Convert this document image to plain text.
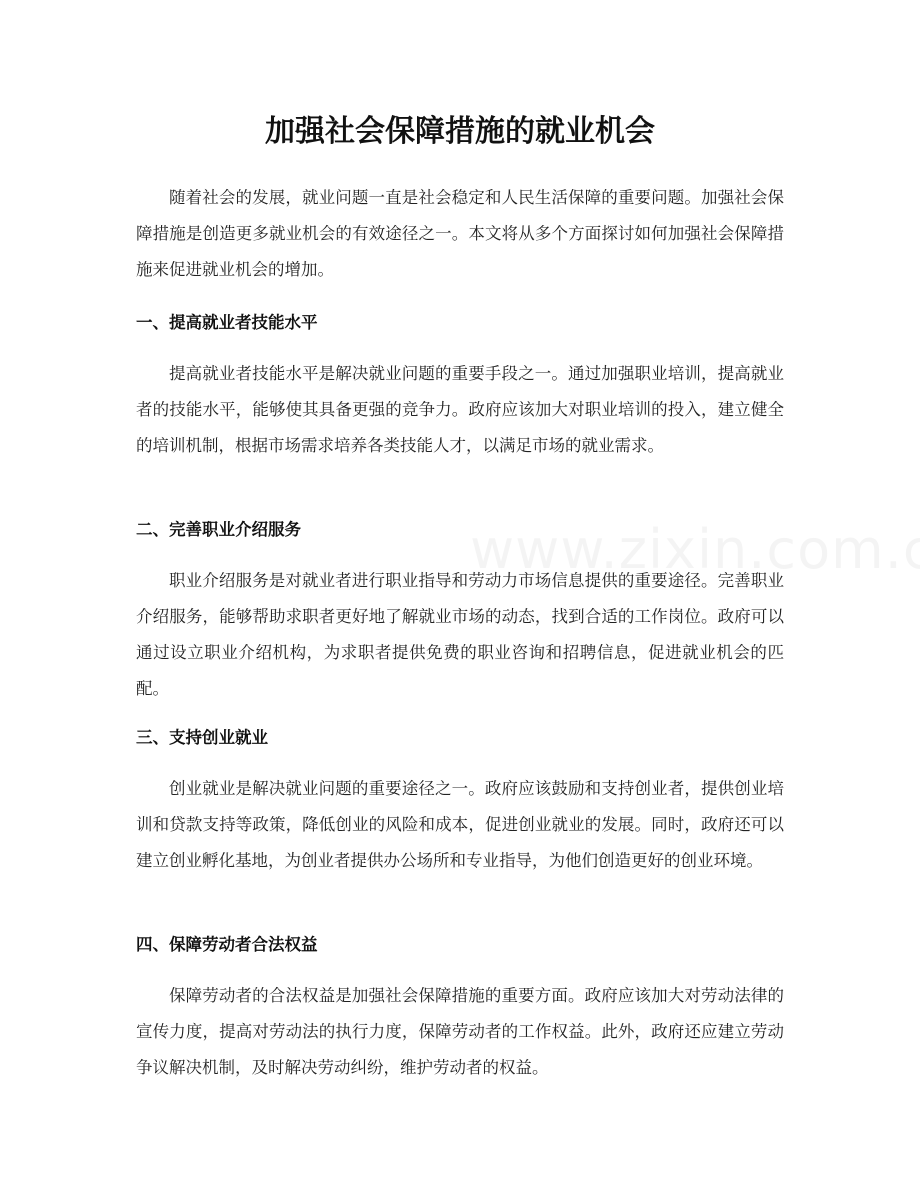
加强社会保障措施的就业机会

随着社会的发展，就业问题一直是社会稳定和人民生活保障的重要问题。加强社会保障措施是创造更多就业机会的有效途径之一。本文将从多个方面探讨如何加强社会保障措施来促进就业机会的增加。

一、提高就业者技能水平

提高就业者技能水平是解决就业问题的重要手段之一。通过加强职业培训，提高就业者的技能水平，能够使其具备更强的竞争力。政府应该加大对职业培训的投入，建立健全的培训机制，根据市场需求培养各类技能人才，以满足市场的就业需求。

二、完善职业介绍服务

职业介绍服务是对就业者进行职业指导和劳动力市场信息提供的重要途径。完善职业介绍服务，能够帮助求职者更好地了解就业市场的动态，找到合适的工作岗位。政府可以通过设立职业介绍机构，为求职者提供免费的职业咨询和招聘信息，促进就业机会的匹配。

三、支持创业就业

创业就业是解决就业问题的重要途径之一。政府应该鼓励和支持创业者，提供创业培训和贷款支持等政策，降低创业的风险和成本，促进创业就业的发展。同时，政府还可以建立创业孵化基地，为创业者提供办公场所和专业指导，为他们创造更好的创业环境。

四、保障劳动者合法权益

保障劳动者的合法权益是加强社会保障措施的重要方面。政府应该加大对劳动法律的宣传力度，提高对劳动法的执行力度，保障劳动者的工作权益。此外，政府还应建立劳动争议解决机制，及时解决劳动纠纷，维护劳动者的权益。
